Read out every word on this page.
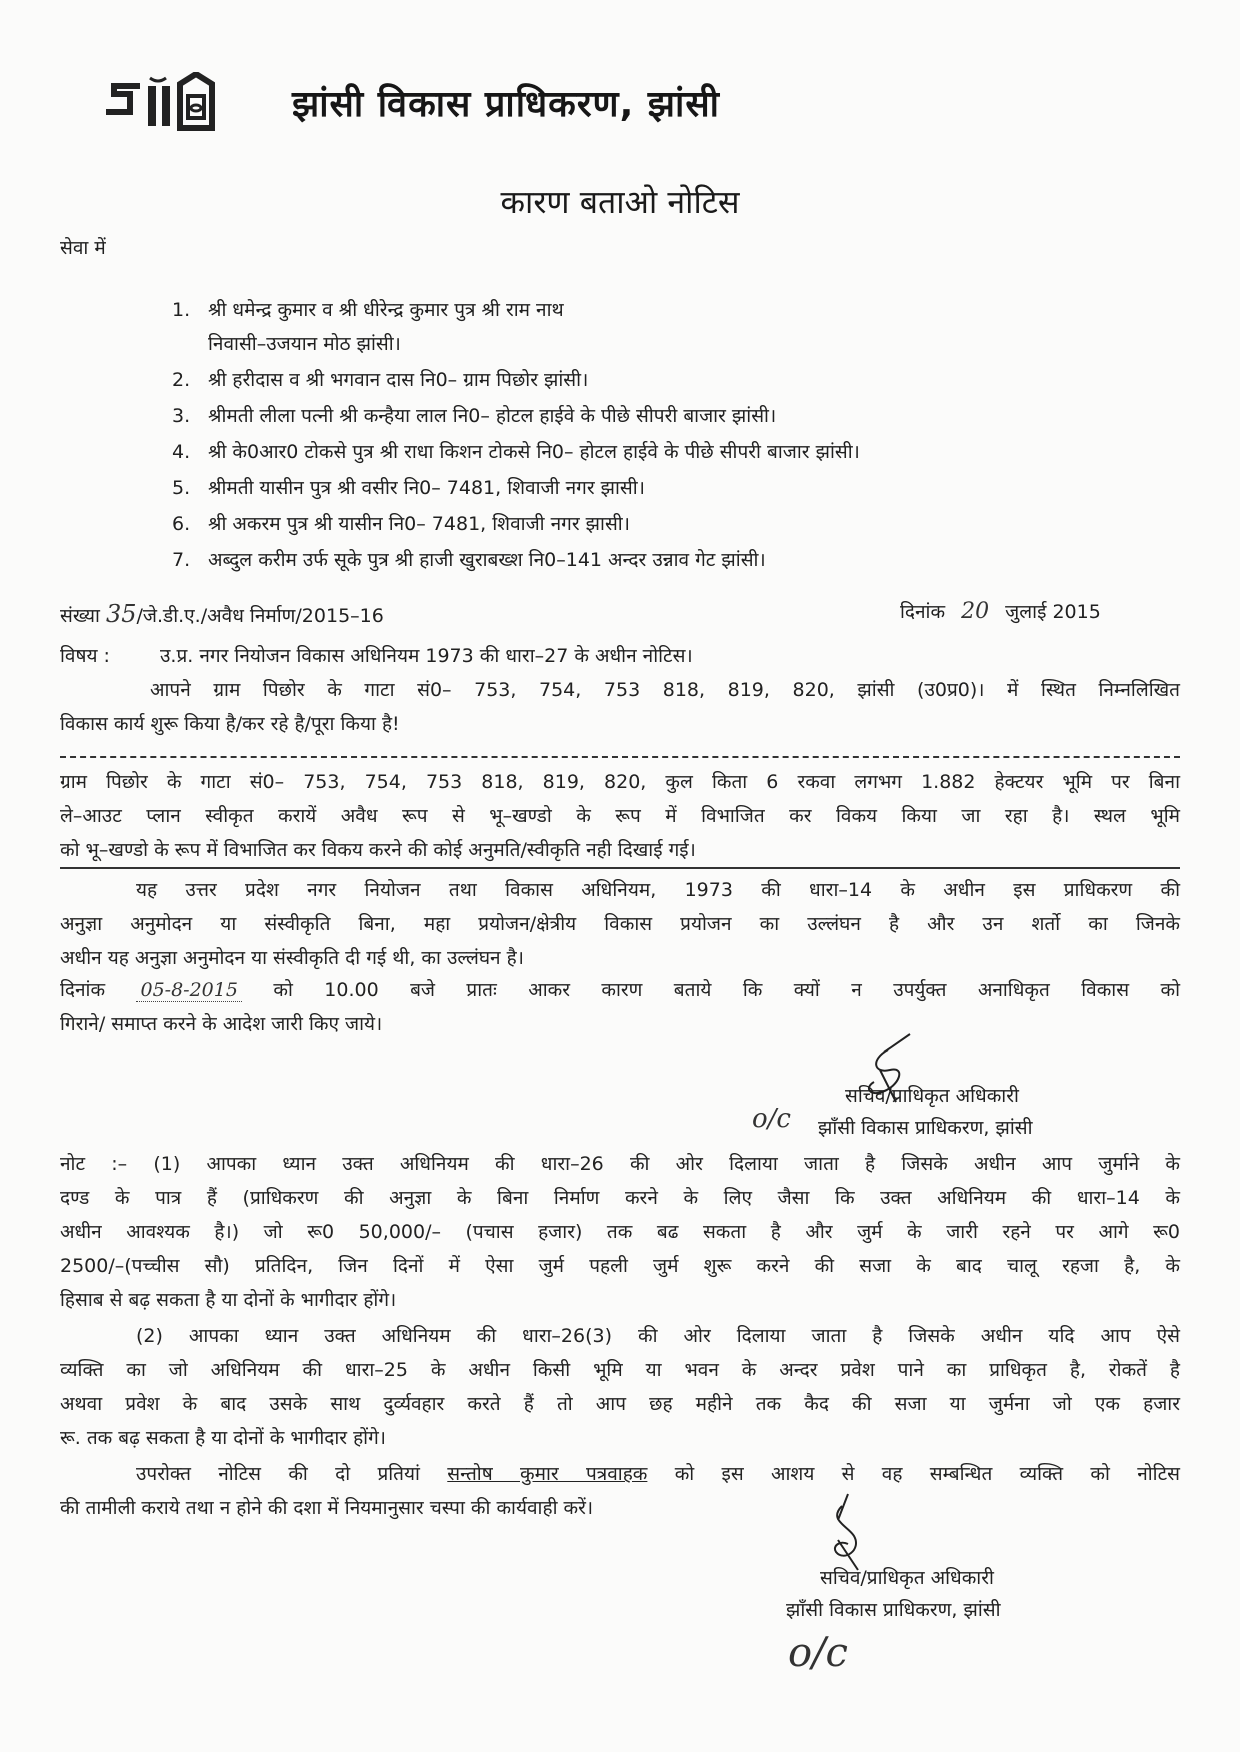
झांसी विकास प्राधिकरण, झांसी
कारण बताओ नोटिस
सेवा में
1. श्री धमेन्द्र कुमार व श्री धीरेन्द्र कुमार पुत्र श्री राम नाथ
निवासी–उजयान मोठ झांसी।
2. श्री हरीदास व श्री भगवान दास नि0– ग्राम पिछोर झांसी।
3. श्रीमती लीला पत्नी श्री कन्हैया लाल नि0– होटल हाईवे के पीछे सीपरी बाजार झांसी।
4. श्री के0आर0 टोकसे पुत्र श्री राधा किशन टोकसे नि0– होटल हाईवे के पीछे सीपरी बाजार झांसी।
5. श्रीमती यासीन पुत्र श्री वसीर नि0– 7481, शिवाजी नगर झासी।
6. श्री अकरम पुत्र श्री यासीन नि0– 7481, शिवाजी नगर झासी।
7. अब्दुल करीम उर्फ सूके पुत्र श्री हाजी खुराबख्श नि0–141 अन्दर उन्नाव गेट झांसी।
संख्या 35/जे.डी.ए./अवैध निर्माण/2015–16	दिनांक 20 जुलाई 2015
विषय :	उ.प्र. नगर नियोजन विकास अधिनियम 1973 की धारा–27 के अधीन नोटिस।
आपने ग्राम पिछोर के गाटा सं0– 753, 754, 753 818, 819, 820, झांसी (उ0प्र0)। में स्थित निम्नलिखित
विकास कार्य शुरू किया है/कर रहे है/पूरा किया है!
ग्राम पिछोर के गाटा सं0– 753, 754, 753 818, 819, 820, कुल किता 6 रकवा लगभग 1.882 हेक्टयर भूमि पर बिना
ले–आउट प्लान स्वीकृत करायें अवैध रूप से भू–खण्डो के रूप में विभाजित कर विकय किया जा रहा है। स्थल भूमि
को भू–खण्डो के रूप में विभाजित कर विकय करने की कोई अनुमति/स्वीकृति नही दिखाई गई।
यह उत्तर प्रदेश नगर नियोजन तथा विकास अधिनियम, 1973 की धारा–14 के अधीन इस प्राधिकरण की
अनुज्ञा अनुमोदन या संस्वीकृति बिना, महा प्रयोजन/क्षेत्रीय विकास प्रयोजन का उल्लंघन है और उन शर्तो का जिनके
अधीन यह अनुज्ञा अनुमोदन या संस्वीकृति दी गई थी, का उल्लंघन है।
दिनांक 05-8-2015 को 10.00 बजे प्रातः आकर कारण बताये कि क्यों न उपर्युक्त अनाधिकृत विकास को
गिराने/ समाप्त करने के आदेश जारी किए जाये।
सचिव/प्राधिकृत अधिकारी
o/c झाँसी विकास प्राधिकरण, झांसी
नोट :– (1) आपका ध्यान उक्त अधिनियम की धारा–26 की ओर दिलाया जाता है जिसके अधीन आप जुर्माने के
दण्ड के पात्र हैं (प्राधिकरण की अनुज्ञा के बिना निर्माण करने के लिए जैसा कि उक्त अधिनियम की धारा–14 के
अधीन आवश्यक है।) जो रू0 50,000/– (पचास हजार) तक बढ सकता है और जुर्म के जारी रहने पर आगे रू0
2500/–(पच्चीस सौ) प्रतिदिन, जिन दिनों में ऐसा जुर्म पहली जुर्म शुरू करने की सजा के बाद चालू रहजा है, के
हिसाब से बढ़ सकता है या दोनों के भागीदार होंगे।
(2) आपका ध्यान उक्त अधिनियम की धारा–26(3) की ओर दिलाया जाता है जिसके अधीन यदि आप ऐसे
व्यक्ति का जो अधिनियम की धारा–25 के अधीन किसी भूमि या भवन के अन्दर प्रवेश पाने का प्राधिकृत है, रोकतें है
अथवा प्रवेश के बाद उसके साथ दुर्व्यवहार करते हैं तो आप छह महीने तक कैद की सजा या जुर्मना जो एक हजार
रू. तक बढ़ सकता है या दोनों के भागीदार होंगे।
उपरोक्त नोटिस की दो प्रतियां सन्तोष कुमार पत्रवाहक को इस आशय से वह सम्बन्धित व्यक्ति को नोटिस
की तामीली कराये तथा न होने की दशा में नियमानुसार चस्पा की कार्यवाही करें।
सचिव/प्राधिकृत अधिकारी
झाँसी विकास प्राधिकरण, झांसी
o/c
